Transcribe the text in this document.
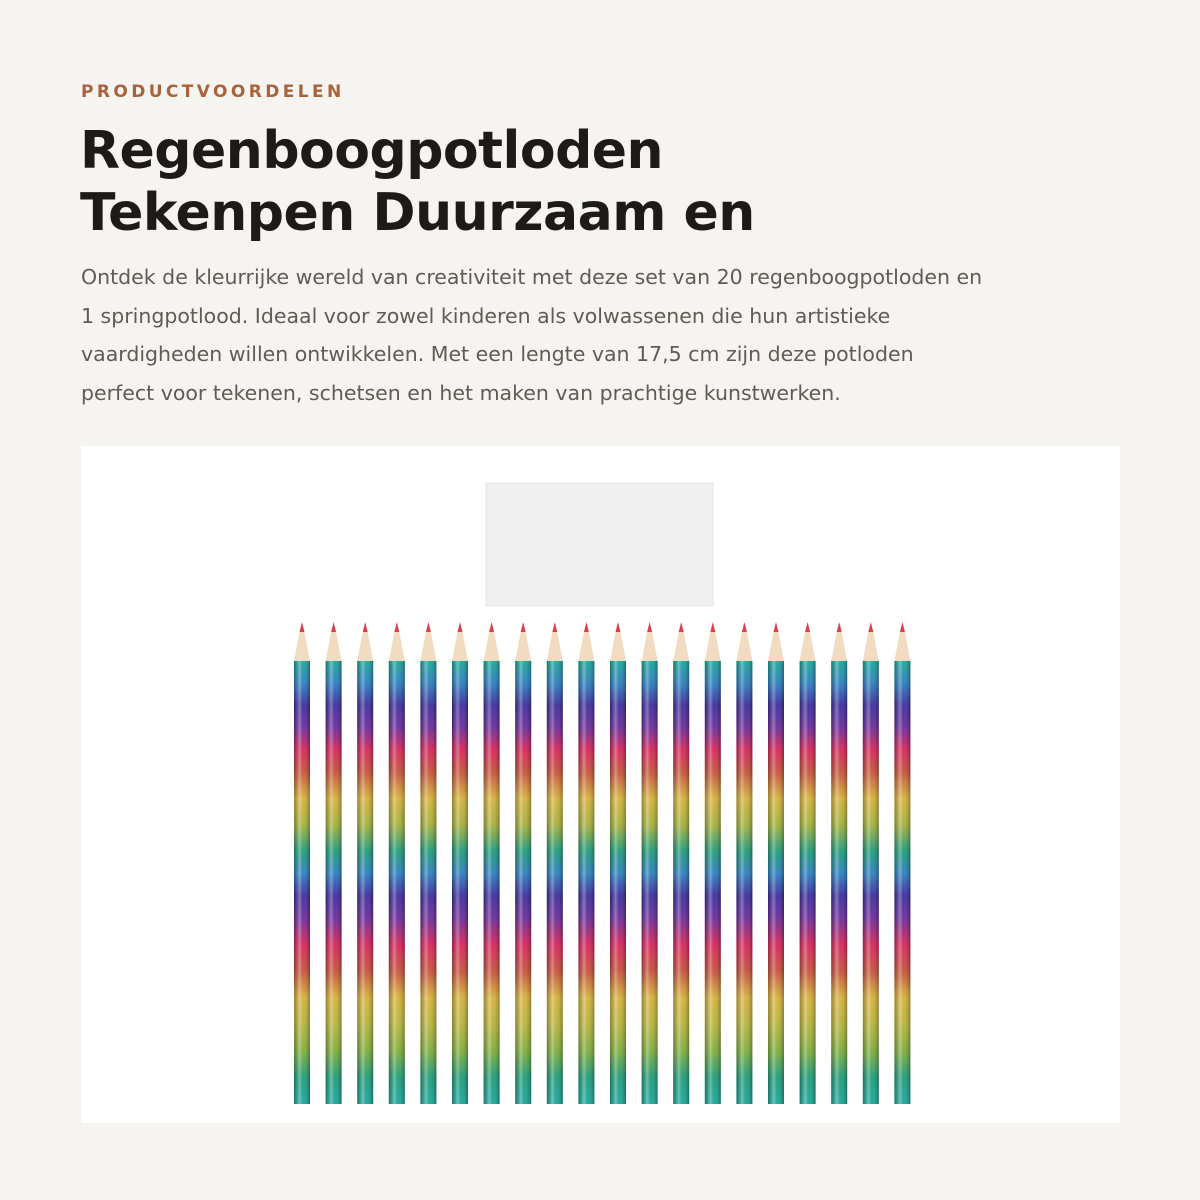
PRODUCTVOORDELEN

Regenboogpotloden
Tekenpen Duurzaam en

Ontdek de kleurrijke wereld van creativiteit met deze set van 20 regenboogpotloden en
1 springpotlood. Ideaal voor zowel kinderen als volwassenen die hun artistieke
vaardigheden willen ontwikkelen. Met een lengte van 17,5 cm zijn deze potloden
perfect voor tekenen, schetsen en het maken van prachtige kunstwerken.
